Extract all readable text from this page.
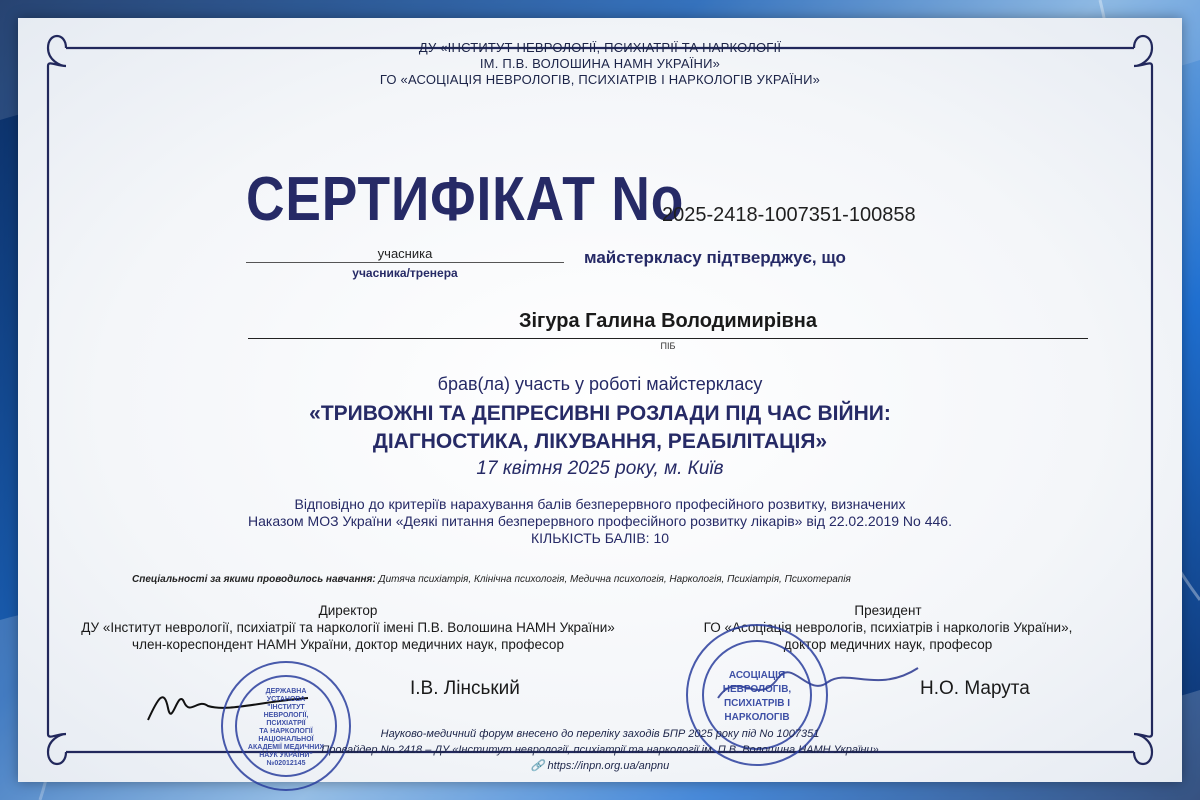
ДУ «ІНСТИТУТ НЕВРОЛОГІЇ, ПСИХІАТРІЇ ТА НАРКОЛОГІЇ
ІМ. П.В. ВОЛОШИНА НАМН УКРАЇНИ»
ГО «АСОЦІАЦІЯ НЕВРОЛОГІВ, ПСИХІАТРІВ І НАРКОЛОГІВ УКРАЇНИ»
СЕРТИФІКАТ No
2025-2418-1007351-100858
учасника
учасника/тренера
майстеркласу підтверджує, що
Зігура Галина Володимирівна
ПІБ
брав(ла) участь у роботі майстеркласу
«ТРИВОЖНІ ТА ДЕПРЕСИВНІ РОЗЛАДИ ПІД ЧАС ВІЙНИ:
ДІАГНОСТИКА, ЛІКУВАННЯ, РЕАБІЛІТАЦІЯ»
17 квітня 2025 року, м. Київ
Відповідно до критеріїв нарахування балів безперервного професійного розвитку, визначених
Наказом МОЗ України «Деякі питання безперервного професійного розвитку лікарів» від 22.02.2019 No 446.
КІЛЬКІСТЬ БАЛІВ: 10
Спеціальності за якими проводилось навчання: Дитяча психіатрія, Клінічна психологія, Медична психологія, Наркологія, Психіатрія, Психотерапія
Директор
ДУ «Інститут неврології, психіатрії та наркології імені П.В. Волошина НАМН України»
член-кореспондент НАМН України, доктор медичних наук, професор
І.В. Лінський
Президент
ГО «Асоціація неврологів, психіатрів і наркологів України»,
доктор медичних наук, професор
Н.О. Марута
ДЕРЖАВНА
УСТАНОВА
"ІНСТИТУТ
НЕВРОЛОГІЇ,
ПСИХІАТРІЇ
ТА НАРКОЛОГІЇ
НАЦІОНАЛЬНОЇ
АКАДЕМІЇ МЕДИЧНИХ
НАУК УКРАЇНИ"
№02012145
АСОЦІАЦІЯ
НЕВРОЛОГІВ,
ПСИХІАТРІВ І
НАРКОЛОГІВ
Науково-медичний форум внесено до переліку заходів БПР 2025 року під No 1007351
Провайдер No 2418 – ДУ «Інститут неврології, психіатрії та наркології ім. П.В. Волошина НАМН України»
🔗 https://inpn.org.ua/anpnu
